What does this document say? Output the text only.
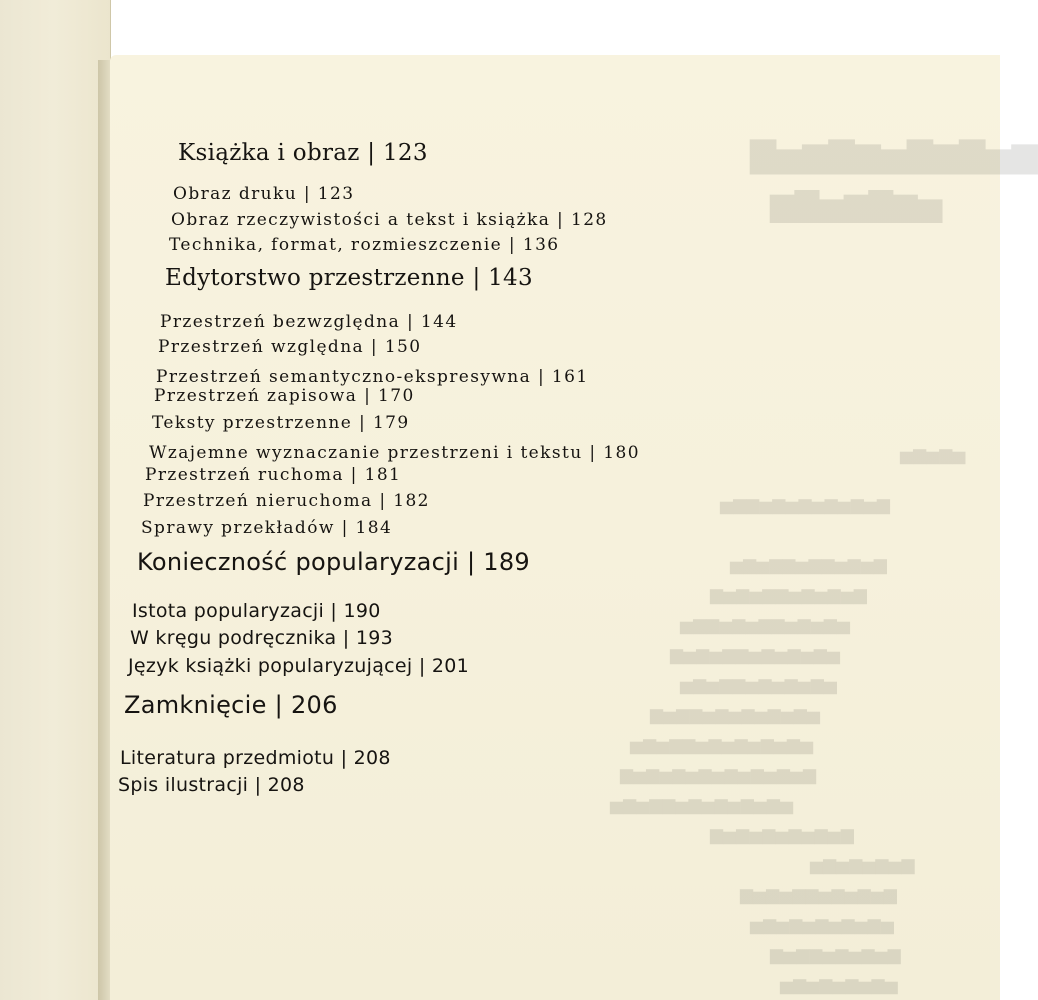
▇▅▆▇▆▅▇▆▇▅▆
▆▇▅▆▇▆▅
▅▆▅▆▅
▅▆▆▅▆▅▆▅▆▅▆▅▆
▅▆▅▆▆▅▆▆▅▆▅▆
▆▅▆▅▆▆▅▆▅▆▅▆
▅▆▆▅▆▅▆▆▅▆▅▆▅
▆▅▆▅▆▆▅▆▅▆▅▆▅
▅▆▅▆▆▅▆▅▆▅▆▅
▆▅▆▆▅▆▅▆▅▆▅▆▅
▅▆▅▆▆▅▆▅▆▅▆▅▆▅
▆▅▆▅▆▅▆▅▆▅▆▅▆▅▆
▅▆▅▆▆▅▆▅▆▅▆▅▆▅
▆▅▆▅▆▅▆▅▆▅▆
▅▆▅▆▅▆▅▆
▆▅▆▅▆▆▅▆▅▆▅▆
▅▆▅▆▅▆▅▆▅▆▅
▆▅▆▆▅▆▅▆▅▆
▅▆▅▆▅▆▅▆▅
Książka i obraz | 123
Obraz druku | 123
Obraz rzeczywistości a tekst i książka | 128
Technika, format, rozmieszczenie | 136
Edytorstwo przestrzenne | 143
Przestrzeń bezwzględna | 144
Przestrzeń względna | 150
Przestrzeń semantyczno-ekspresywna | 161
Przestrzeń zapisowa | 170
Teksty przestrzenne | 179
Wzajemne wyznaczanie przestrzeni i tekstu | 180
Przestrzeń ruchoma | 181
Przestrzeń nieruchoma | 182
Sprawy przekładów | 184
Konieczność popularyzacji | 189
Istota popularyzacji | 190
W kręgu podręcznika | 193
Język książki popularyzującej | 201
Zamknięcie | 206
Literatura przedmiotu | 208
Spis ilustracji | 208
